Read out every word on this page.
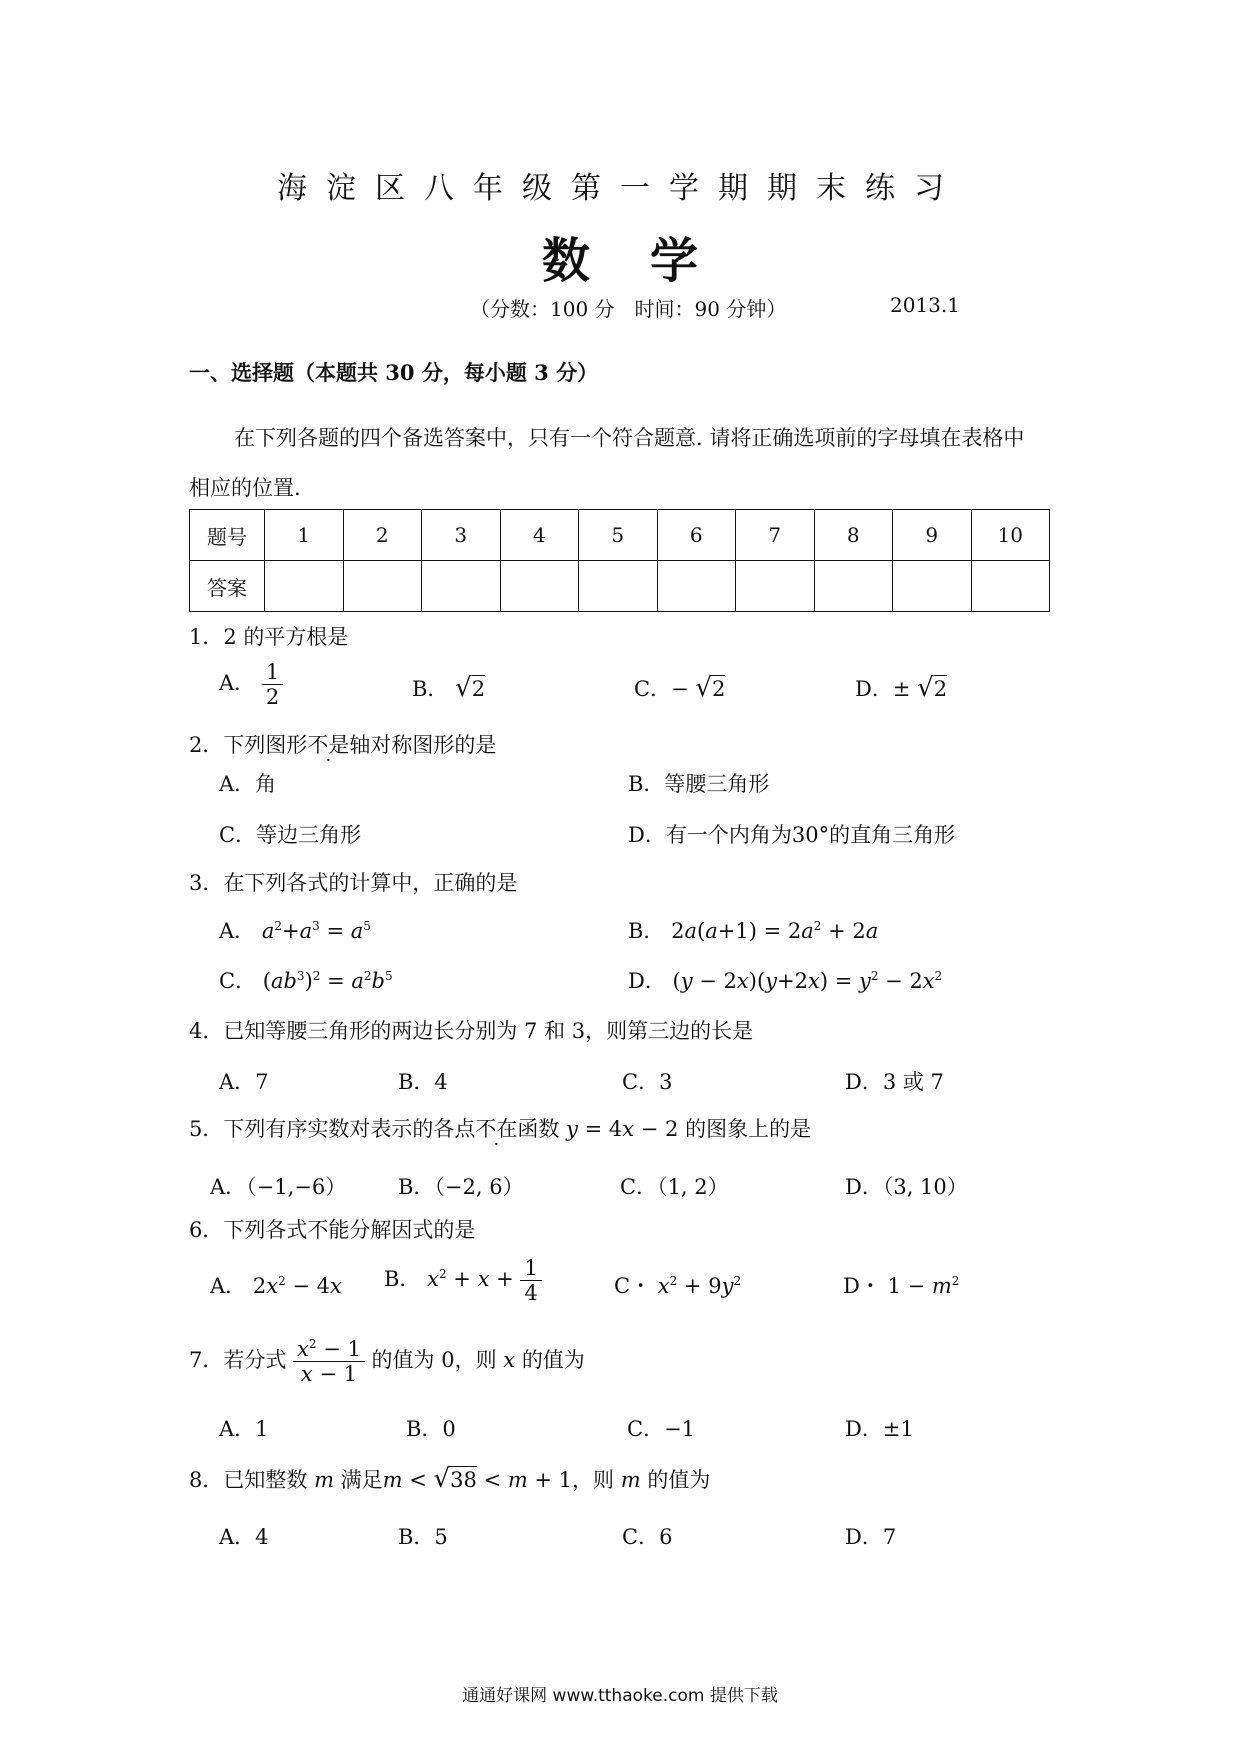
海淀区八年级第一学期期末练习
数学
（分数：100 分　时间：90 分钟）	2013.1
一、选择题（本题共 30 分，每小题 3 分）
在下列各题的四个备选答案中，只有一个符合题意. 请将正确选项前的字母填在表格中
相应的位置.
题号	1	2	3	4	5	6	7	8	9	10
答案										
1．2 的平方根是
A． $\frac{1}{2}$	B． √2	C．− √2	D．± √2
2．下列图形不是轴对称图形的是
A．角	B．等腰三角形
C．等边三角形	D．有一个内角为30°的直角三角形
3．在下列各式的计算中，正确的是
A． $a^2+a^3 = a^5$	B． $2a(a+1) = 2a^2 + 2a$
C． $(ab^3)^2 = a^2b^5$	D． $(y - 2x)(y+2x) = y^2 - 2x^2$
4．已知等腰三角形的两边长分别为 7 和 3，则第三边的长是
A．7	B．4	C．3	D．3 或 7
5．下列有序实数对表示的各点不在函数 y = 4x − 2 的图象上的是
A．（−1,−6） B．（−2, 6）	C．（1, 2）	D．（3, 10）
6．下列各式不能分解因式的是
A． $2x^2 - 4x$ B． $x^2 + x + \frac{1}{4}$	C・ $x^2 + 9y^2$	D・ $1 - m^2$
7．若分式 $\frac{x^2 - 1}{x - 1}$ 的值为 0，则 x 的值为
A．1	B．0	C．−1	D．±1
8．已知整数 m 满足m < √38 < m + 1，则 m 的值为
A．4	B．5	C．6	D．7
通通好课网 www.tthaoke.com 提供下载
